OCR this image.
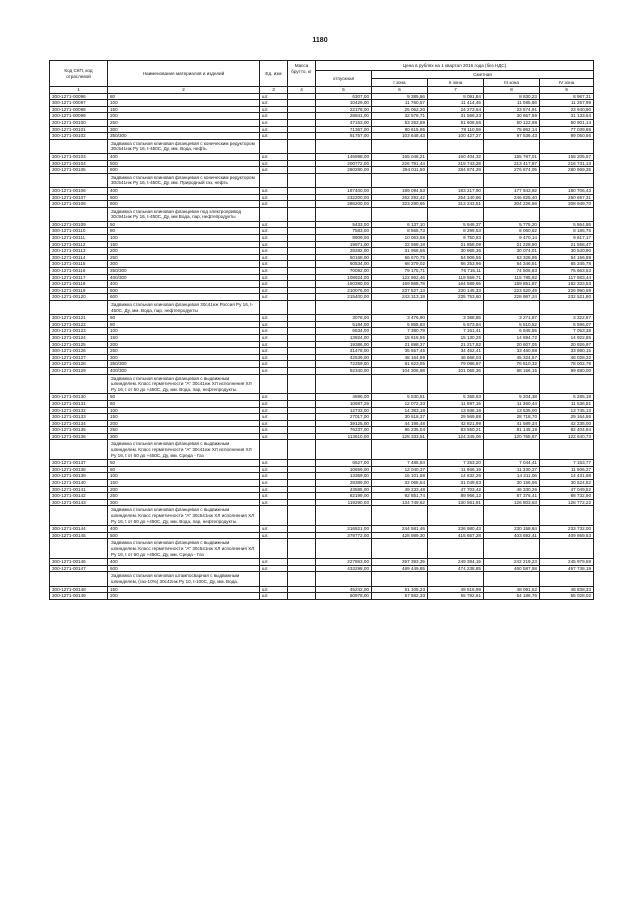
1180
Код СКП, код отраслевой	Наименование материалов и изделий	Ед. изм	Масса брутто, кг	Цена в рублях на 1 квартал 2016 года (без НДС)				
				отпускная	Сметная			
					I зона	II зона	III зона	IV зона
1	2	3	4	5	6	7	8	9
300-1271-00096	80	шт.		6307,00	9 385,56	9 091,84	8 830,23	8 967,31
300-1271-00097	100	шт.		10429,00	11 760,57	11 414,45	11 085,86	11 257,99
300-1271-00098	150	шт.		22178,00	25 052,20	24 273,64	23 574,91	23 940,90
300-1271-00099	200	шт.		28841,00	32 578,71	31 566,23	30 657,59	31 133,54
300-1271-00100	250	шт.		47153,00	53 263,89	51 608,56	50 122,98	50 901,14
300-1271-00101	300	шт.		71367,00	80 615,95	78 110,59	75 862,14	77 039,88
300-1271-00102	350/300	шт.		91757,00	103 648,43	100 427,27	97 536,43	99 050,66
	Задвижка стальная клиновая фланцевая с коническим редуктором 30с541нж Ру 16, t-450С, Ду, мм. Вода, нефть							
300-1271-00103	400	шт.		146598,00	165 048,21	160 404,32	155 787,01	158 205,57
300-1271-00104	500	шт.		200772,00	226 791,44	219 743,28	213 417,87	216 731,13
300-1271-00105	600	шт.		260280,00	294 011,50	284 874,28	276 674,05	280 969,35
	Задвижка стальная клиновая фланцевая с коническим редуктором 30с541нж Ру 16, t-450С, Ду, мм. Природный газ, нефть							
300-1271-00106	400	шт.		167400,00	189 094,53	183 217,90	177 943,92	180 706,43
300-1271-00107	500	шт.		232200,00	262 292,42	254 140,96	246 825,40	250 657,31
300-1271-00108	600	шт.		286200,00	323 290,65	313 243,51	304 226,68	308 949,70
	Задвижка стальная клиновая фланцевая под электропривод 30с941нж Ру 16, t-450С, Ду, мм Вода, пар, нефтепродукты							
300-1271-00109	50	шт.		5433,00	6 137,10	5 946,37	5 775,20	5 864,86
300-1271-00110	80	шт.		7583,00	8 565,73	8 299,53	8 060,62	8 185,76
300-1271-00111	100	шт.		8909,00	10 063,58	9 750,83	9 470,14	9 617,17
300-1271-00112	150	шт.		19971,00	22 559,18	21 858,09	21 228,90	21 558,47
300-1271-00113	200	шт.		28282,00	31 958,56	30 965,36	30 074,01	30 540,90
300-1271-00114	250	шт.		50168,00	56 670,75	54 909,55	53 328,95	54 156,88
300-1271-00115	300	шт.		60534,00	68 379,02	66 253,96	64 346,81	65 345,78
300-1271-00116	350/300	шт.		70092,00	79 175,71	76 715,11	74 506,83	75 663,53
300-1271-00117	400/300	шт.		108924,00	122 962,46	119 559,71	115 785,92	117 583,44
300-1271-00118	400	шт.		150380,00	169 868,78	164 589,65	159 851,87	162 333,53
300-1271-00119	500	шт.		210076,00	237 527,13	230 145,33	223 520,49	226 990,59
300-1271-00120	600	шт.		215400,00	243 313,19	235 753,60	228 967,24	232 521,80
	Задвижка стальная клиновая фланцевая 30с41нж Россия Ру 16, t-450С, Ду, мм. Вода, пар, нефтепродукты							
300-1271-00121	50	шт.		3078,00	3 476,90	3 368,85	3 271,87	3 322,67
300-1271-00122	80	шт.		5184,00	5 855,83	5 673,84	5 510,52	5 596,07
300-1271-00123	100	шт.		6534,00	7 380,79	7 151,41	6 945,55	7 053,38
300-1271-00124	150	шт.		13824,00	15 615,55	15 130,25	14 694,72	14 922,85
300-1271-00125	200	шт.		19386,00	21 898,37	21 217,82	20 607,05	20 926,97
300-1271-00126	250	шт.		31478,00	35 557,45	34 452,41	33 460,68	33 980,15
300-1271-00127	300	шт.		42539,00	48 164,89	46 668,03	45 324,67	46 028,32
300-1271-00128	350/300	шт.		72259,00	81 623,55	79 086,87	76 810,32	78 002,78
300-1271-00129	400/300	шт.		92340,00	104 306,98	101 065,36	98 156,15	99 680,00
	Задвижка стальная клиновая фланцевая с выдвижным шпинделем. Класс герметичности "А" 30с41нж ХЛ исполнения ХЛ Ру 16, t от 60 до +450С, Ду, мм. Вода, пар, нефтепродукты.							
300-1271-00130	50	шт.		4896,00	5 530,51	5 358,63	5 204,38	5 285,18
300-1271-00131	80	шт.		10687,29	12 072,33	11 697,15	11 360,44	11 536,81
300-1271-00132	100	шт.		12733,00	14 383,18	13 936,16	13 535,00	13 745,13
300-1271-00133	150	шт.		27017,00	30 518,37	29 569,88	28 718,70	29 164,55
300-1271-00134	200	шт.		39125,00	44 195,48	42 821,99	41 589,34	42 235,00
300-1271-00135	250	шт.		76237,00	86 235,04	83 550,21	81 145,19	82 404,94
300-1271-00136	300	шт.		113610,00	128 333,51	124 345,06	120 765,67	122 640,73
	Задвижка стальная клиновая фланцевая с выдвижным шпинделем. Класс герметичности "А" 30с41нж ХЛ исполнения ХЛ Ру 16, t от 60 до +450С, Ду, мм. Среда - Газ							
300-1271-00137	50	шт.		6627,00	7 485,84	7 253,20	7 044,41	7 153,77
300-1271-00138	80	шт.		10659,00	12 040,37	11 666,19	11 330,37	11 506,27
300-1271-00139	100	шт.		13369,00	15 101,58	14 632,26	14 211,06	14 431,68
300-1271-00140	150	шт.		28389,00	32 068,54	31 049,83	30 156,96	30 624,82
300-1271-00141	200	шт.		43585,00	49 233,48	47 703,42	46 330,26	47 049,52
300-1271-00142	250	шт.		82199,00	92 851,74	89 966,12	87 376,41	88 732,90
300-1271-00143	300	шт.		119290,00	134 749,62	130 561,91	126 803,63	128 772,22
	Задвижка стальная клиновая фланцевая с выдвижным шпинделем. Класс герметичности "А" 30с541нж ХЛ исполнения ХЛ Ру 16, t от 60 до +450С, Ду, мм. Вода, пар, нефтепродукты.							
300-1271-00144	400	шт.		216521,00	244 581,46	236 980,43	230 158,84	233 732,00
300-1271-00145	500	шт.		379772,00	428 989,30	415 657,28	403 692,41	409 959,63
	Задвижка стальная клиновая фланцевая с выдвижным шпинделем. Класс герметичности "А" 30с541нж ХЛ исполнения ХЛ Ру 16, t от 60 до +450С, Ду, мм. Среда - Газ							
300-1271-00146	400	шт.		227863,00	257 393,35	249 394,15	242 219,23	245 979,58
300-1271-00147	500	шт.		433298,00	489 449,85	474 238,85	460 587,58	467 738,19
	Задвижка стальная клиновая штампосварная с выдвижным шпинделем, (газ-10%) 30с42нж Ру 10, t-100С, Ду, мм. Вода.							
300-1271-00148	150	шт.		45242,00	51 105,23	49 516,99	48 091,52	48 838,33
300-1271-00149	200	шт.		50978,00	57 582,33	55 792,61	54 186,76	55 028,02
